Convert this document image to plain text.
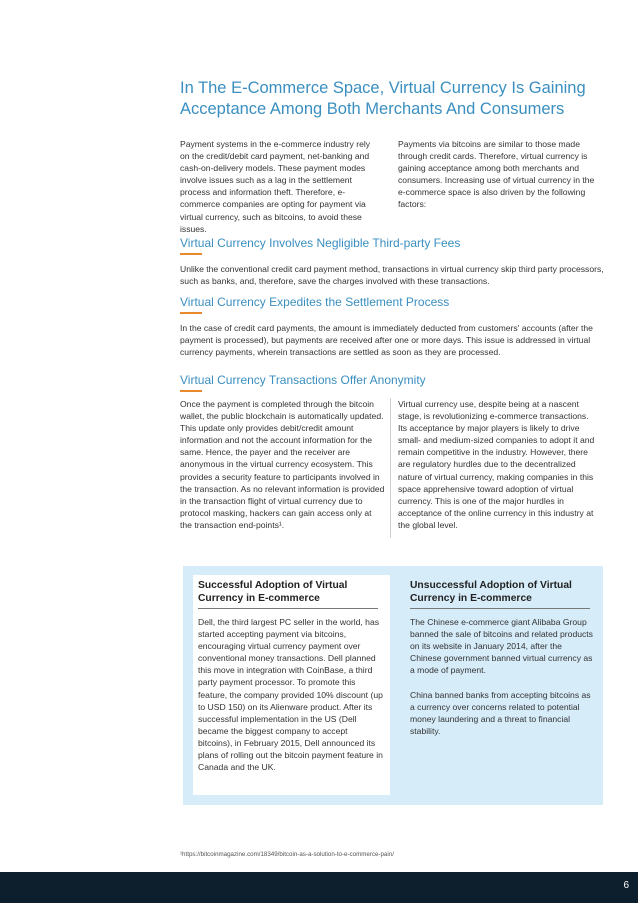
In The E-Commerce Space, Virtual Currency Is Gaining Acceptance Among Both Merchants And Consumers
Payment systems in the e-commerce industry rely on the credit/debit card payment, net-banking and cash-on-delivery models. These payment modes involve issues such as a lag in the settlement process and information theft. Therefore, e-commerce companies are opting for payment via virtual currency, such as bitcoins, to avoid these issues.
Payments via bitcoins are similar to those made through credit cards. Therefore, virtual currency is gaining acceptance among both merchants and consumers. Increasing use of virtual currency in the e-commerce space is also driven by the following factors:
Virtual Currency Involves Negligible Third-party Fees
Unlike the conventional credit card payment method, transactions in virtual currency skip third party processors, such as banks, and, therefore, save the charges involved with these transactions.
Virtual Currency Expedites the Settlement Process
In the case of credit card payments, the amount is immediately deducted from customers' accounts (after the payment is processed), but payments are received after one or more days. This issue is addressed in virtual currency payments, wherein transactions are settled as soon as they are processed.
Virtual Currency Transactions Offer Anonymity
Once the payment is completed through the bitcoin wallet, the public blockchain is automatically updated. This update only provides debit/credit amount information and not the account information for the same. Hence, the payer and the receiver are anonymous in the virtual currency ecosystem. This provides a security feature to participants involved in the transaction. As no relevant information is provided in the transaction flight of virtual currency due to protocol masking, hackers can gain access only at the transaction end-points¹.
Virtual currency use, despite being at a nascent stage, is revolutionizing e-commerce transactions. Its acceptance by major players is likely to drive small- and medium-sized companies to adopt it and remain competitive in the industry. However, there are regulatory hurdles due to the decentralized nature of virtual currency, making companies in this space apprehensive toward adoption of virtual currency. This is one of the major hurdles in acceptance of the online currency in this industry at the global level.
Successful Adoption of Virtual Currency in E-commerce
Dell, the third largest PC seller in the world, has started accepting payment via bitcoins, encouraging virtual currency payment over conventional money transactions. Dell planned this move in integration with CoinBase, a third party payment processor. To promote this feature, the company provided 10% discount (up to USD 150) on its Alienware product. After its successful implementation in the US (Dell became the biggest company to accept bitcoins), in February 2015, Dell announced its plans of rolling out the bitcoin payment feature in Canada and the UK.
Unsuccessful Adoption of Virtual Currency in E-commerce
The Chinese e-commerce giant Alibaba Group banned the sale of bitcoins and related products on its website in January 2014, after the Chinese government banned virtual currency as a mode of payment.
China banned banks from accepting bitcoins as a currency over concerns related to potential money laundering and a threat to financial stability.
¹https://bitcoinmagazine.com/18349/bitcoin-as-a-solution-to-e-commerce-pain/
6
